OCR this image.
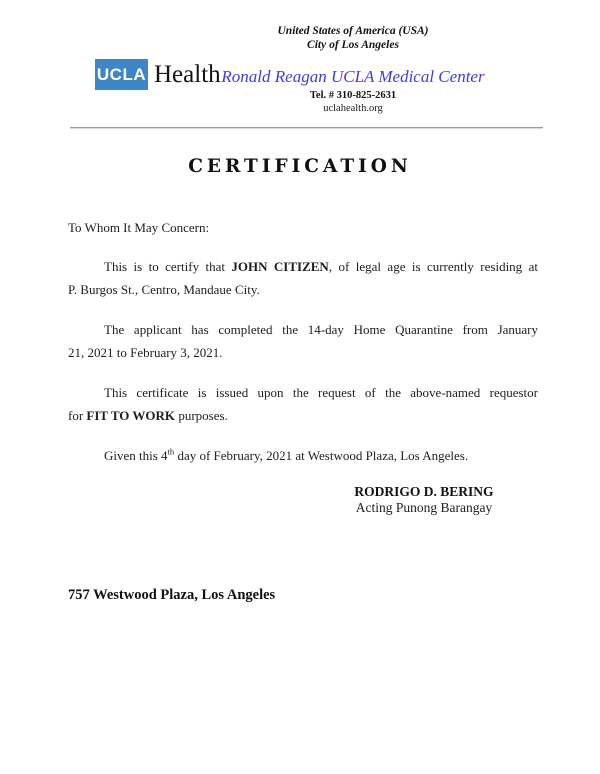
UCLA Health
United States of America (USA)
City of Los Angeles
Ronald Reagan UCLA Medical Center
Tel. # 310-825-2631
uclahealth.org
CERTIFICATION
To Whom It May Concern:
This is to certify that JOHN CITIZEN, of legal age is currently residing at
P. Burgos St., Centro, Mandaue City.
The applicant has completed the 14-day Home Quarantine from January
21, 2021 to February 3, 2021.
This certificate is issued upon the request of the above-named requestor
for FIT TO WORK purposes.
Given this 4th day of February, 2021 at Westwood Plaza, Los Angeles.
RODRIGO D. BERING
Acting Punong Barangay
757 Westwood Plaza, Los Angeles
